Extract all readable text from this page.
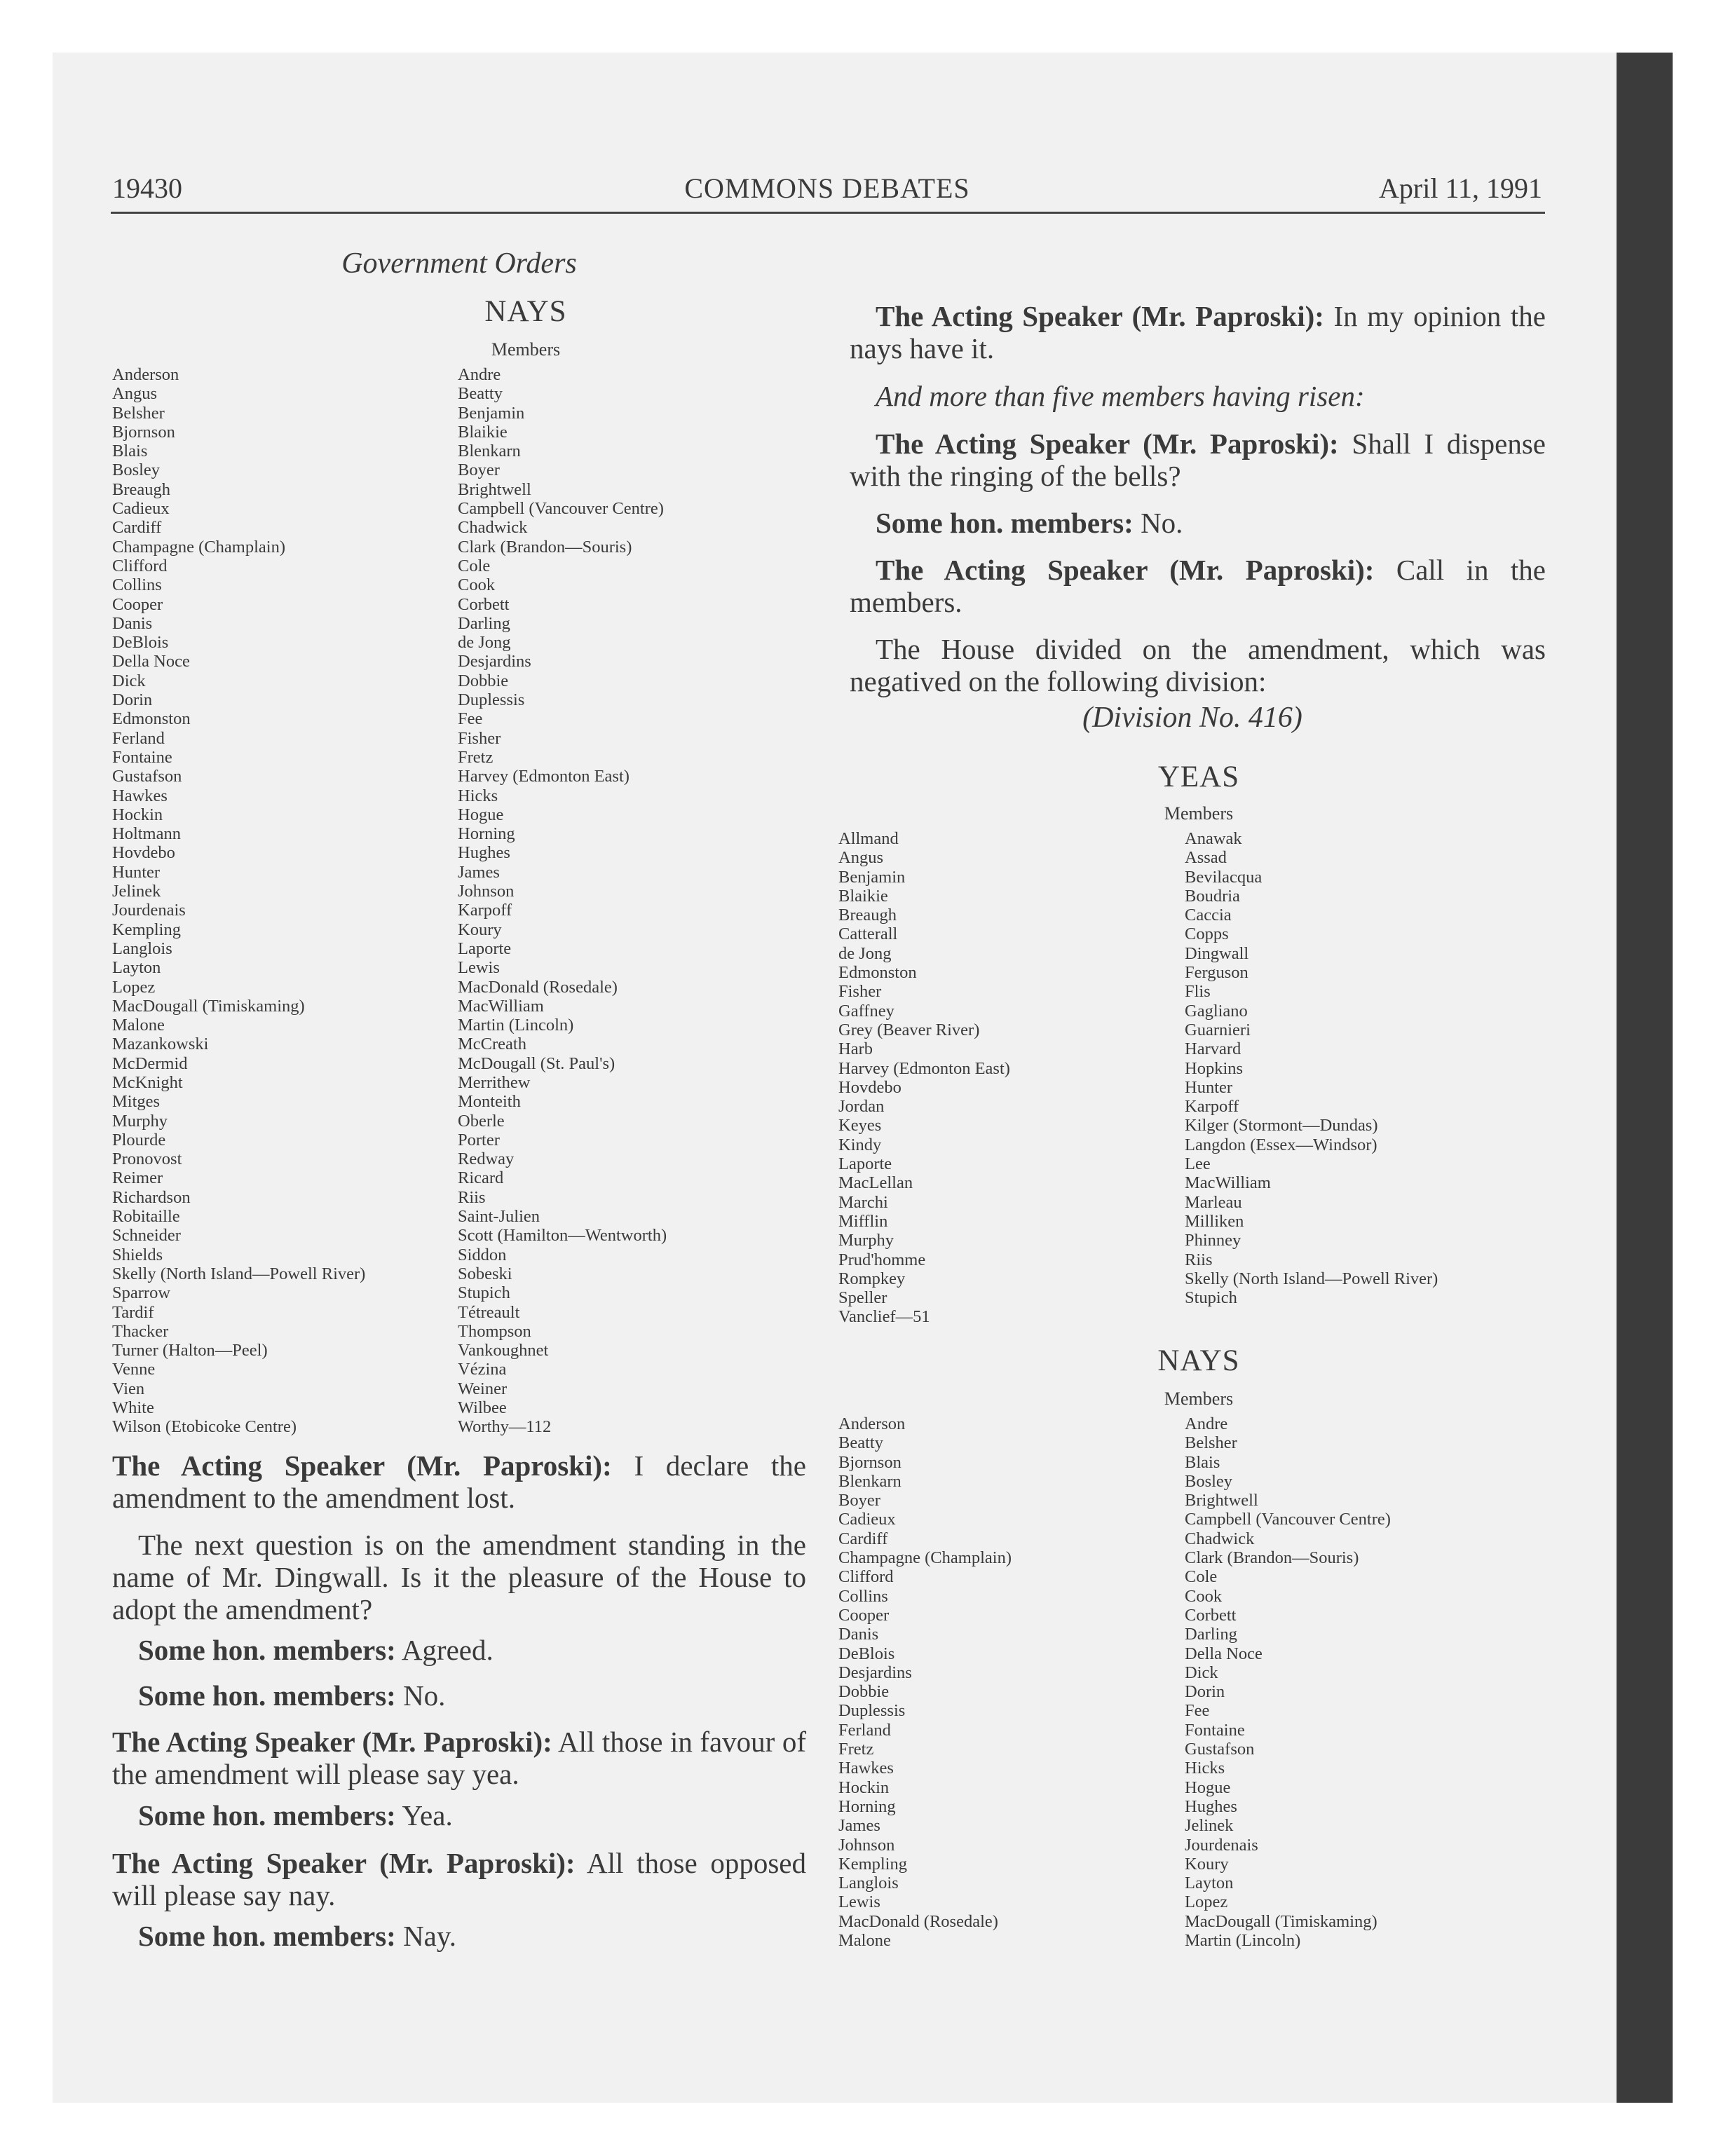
19430	COMMONS DEBATES	April 11, 1991
Government Orders
NAYS
Members
Anderson
Angus
Belsher
Bjornson
Blais
Bosley
Breaugh
Cadieux
Cardiff
Champagne (Champlain)
Clifford
Collins
Cooper
Danis
DeBlois
Della Noce
Dick
Dorin
Edmonston
Ferland
Fontaine
Gustafson
Hawkes
Hockin
Holtmann
Hovdebo
Hunter
Jelinek
Jourdenais
Kempling
Langlois
Layton
Lopez
MacDougall (Timiskaming)
Malone
Mazankowski
McDermid
McKnight
Mitges
Murphy
Plourde
Pronovost
Reimer
Richardson
Robitaille
Schneider
Shields
Skelly (North Island—Powell River)
Sparrow
Tardif
Thacker
Turner (Halton—Peel)
Venne
Vien
White
Wilson (Etobicoke Centre)
Andre
Beatty
Benjamin
Blaikie
Blenkarn
Boyer
Brightwell
Campbell (Vancouver Centre)
Chadwick
Clark (Brandon—Souris)
Cole
Cook
Corbett
Darling
de Jong
Desjardins
Dobbie
Duplessis
Fee
Fisher
Fretz
Harvey (Edmonton East)
Hicks
Hogue
Horning
Hughes
James
Johnson
Karpoff
Koury
Laporte
Lewis
MacDonald (Rosedale)
MacWilliam
Martin (Lincoln)
McCreath
McDougall (St. Paul's)
Merrithew
Monteith
Oberle
Porter
Redway
Ricard
Riis
Saint-Julien
Scott (Hamilton—Wentworth)
Siddon
Sobeski
Stupich
Tétreault
Thompson
Vankoughnet
Vézina
Weiner
Wilbee
Worthy—112

The Acting Speaker (Mr. Paproski): I declare the amendment to the amendment lost.

The next question is on the amendment standing in the name of Mr. Dingwall. Is it the pleasure of the House to adopt the amendment?

Some hon. members: Agreed.

Some hon. members: No.

The Acting Speaker (Mr. Paproski): All those in favour of the amendment will please say yea.

Some hon. members: Yea.

The Acting Speaker (Mr. Paproski): All those opposed will please say nay.

Some hon. members: Nay.

The Acting Speaker (Mr. Paproski): In my opinion the nays have it.

And more than five members having risen:

The Acting Speaker (Mr. Paproski): Shall I dispense with the ringing of the bells?

Some hon. members: No.

The Acting Speaker (Mr. Paproski): Call in the members.

The House divided on the amendment, which was negatived on the following division:

(Division No. 416)
YEAS
Members
Allmand
Angus
Benjamin
Blaikie
Breaugh
Catterall
de Jong
Edmonston
Fisher
Gaffney
Grey (Beaver River)
Harb
Harvey (Edmonton East)
Hovdebo
Jordan
Keyes
Kindy
Laporte
MacLellan
Marchi
Mifflin
Murphy
Prud'homme
Rompkey
Speller
Vanclief—51
Anawak
Assad
Bevilacqua
Boudria
Caccia
Copps
Dingwall
Ferguson
Flis
Gagliano
Guarnieri
Harvard
Hopkins
Hunter
Karpoff
Kilger (Stormont—Dundas)
Langdon (Essex—Windsor)
Lee
MacWilliam
Marleau
Milliken
Phinney
Riis
Skelly (North Island—Powell River)
Stupich
NAYS
Members
Anderson
Beatty
Bjornson
Blenkarn
Boyer
Cadieux
Cardiff
Champagne (Champlain)
Clifford
Collins
Cooper
Danis
DeBlois
Desjardins
Dobbie
Duplessis
Ferland
Fretz
Hawkes
Hockin
Horning
James
Johnson
Kempling
Langlois
Lewis
MacDonald (Rosedale)
Malone
Andre
Belsher
Blais
Bosley
Brightwell
Campbell (Vancouver Centre)
Chadwick
Clark (Brandon—Souris)
Cole
Cook
Corbett
Darling
Della Noce
Dick
Dorin
Fee
Fontaine
Gustafson
Hicks
Hogue
Hughes
Jelinek
Jourdenais
Koury
Layton
Lopez
MacDougall (Timiskaming)
Martin (Lincoln)
